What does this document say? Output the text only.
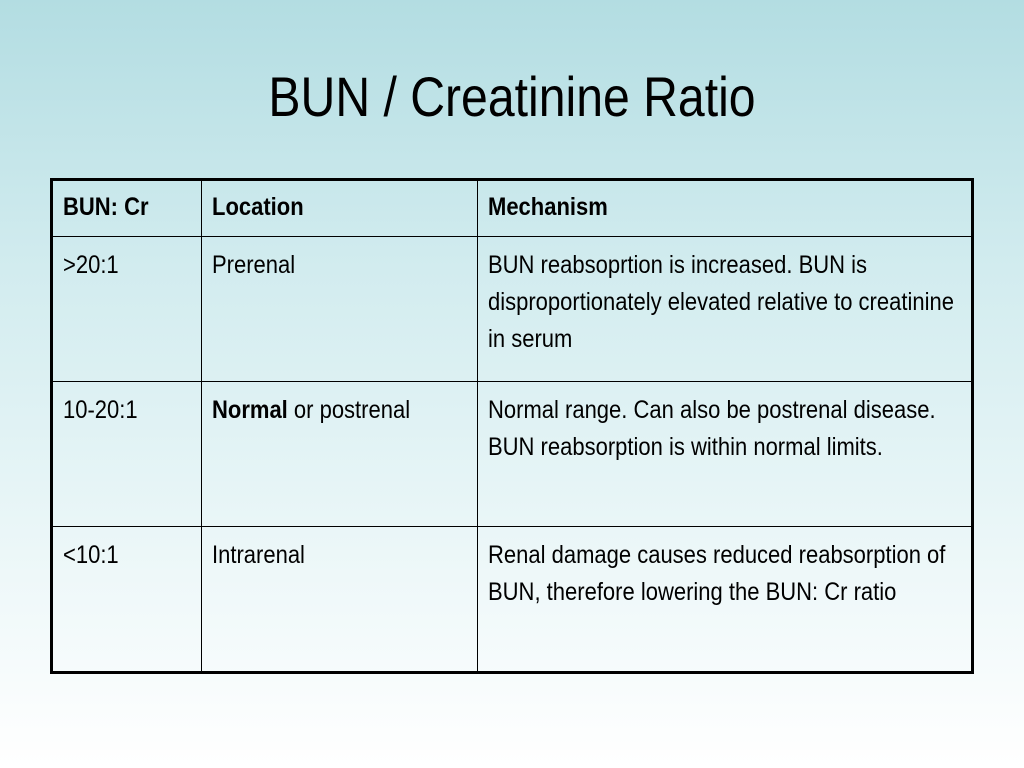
BUN / Creatinine Ratio
BUN: Cr	Location	Mechanism
>20:1	Prerenal	BUN reabsoprtion is increased. BUN is disproportionately elevated relative to creatinine in serum
10-20:1	Normal or postrenal	Normal range. Can also be postrenal disease. BUN reabsorption is within normal limits.
<10:1	Intrarenal	Renal damage causes reduced reabsorption of BUN, therefore lowering the BUN: Cr ratio
